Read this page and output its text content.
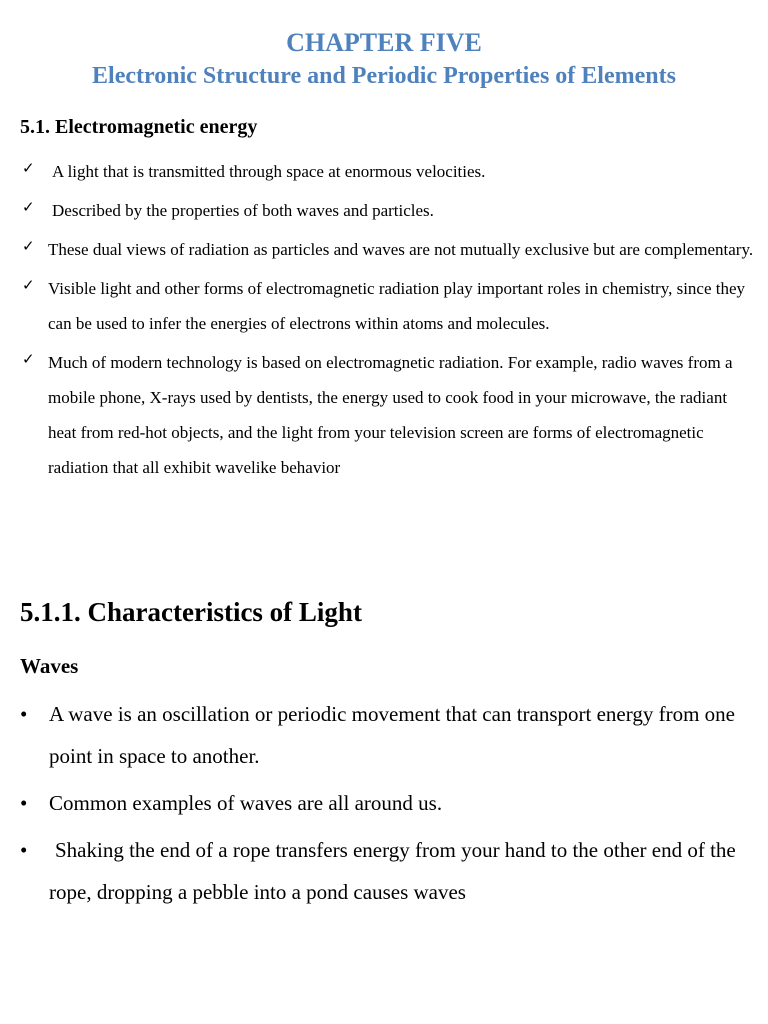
CHAPTER FIVE
Electronic Structure and Periodic Properties of Elements
5.1. Electromagnetic energy
✓ A light that is transmitted through space at enormous velocities.
✓ Described by the properties of both waves and particles.
✓ These dual views of radiation as particles and waves are not mutually exclusive but are complementary.
✓ Visible light and other forms of electromagnetic radiation play important roles in chemistry, since they can be used to infer the energies of electrons within atoms and molecules.
✓ Much of modern technology is based on electromagnetic radiation. For example, radio waves from a mobile phone, X-rays used by dentists, the energy used to cook food in your microwave, the radiant heat from red-hot objects, and the light from your television screen are forms of electromagnetic radiation that all exhibit wavelike behavior
5.1.1. Characteristics of Light
Waves
• A wave is an oscillation or periodic movement that can transport energy from one point in space to another.
• Common examples of waves are all around us.
• Shaking the end of a rope transfers energy from your hand to the other end of the rope, dropping a pebble into a pond causes waves
